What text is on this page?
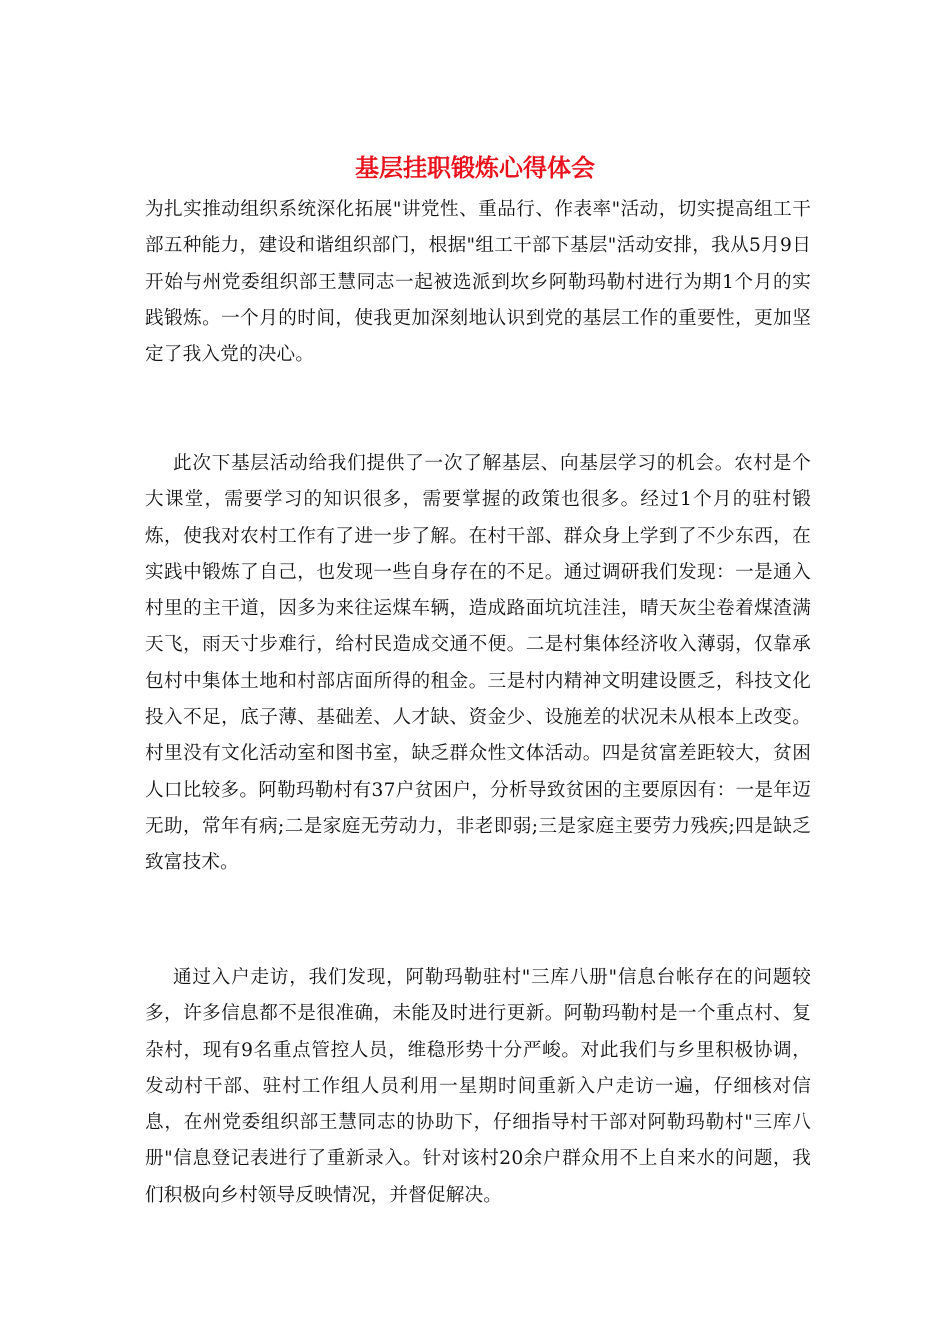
基层挂职锻炼心得体会

为扎实推动组织系统深化拓展"讲党性、重品行、作表率"活动，切实提高组工干部五种能力，建设和谐组织部门，根据"组工干部下基层"活动安排，我从5月9日开始与州党委组织部王慧同志一起被选派到坎乡阿勒玛勒村进行为期1个月的实践锻炼。一个月的时间，使我更加深刻地认识到党的基层工作的重要性，更加坚定了我入党的决心。

此次下基层活动给我们提供了一次了解基层、向基层学习的机会。农村是个大课堂，需要学习的知识很多，需要掌握的政策也很多。经过1个月的驻村锻炼，使我对农村工作有了进一步了解。在村干部、群众身上学到了不少东西，在实践中锻炼了自己，也发现一些自身存在的不足。通过调研我们发现：一是通入村里的主干道，因多为来往运煤车辆，造成路面坑坑洼洼，晴天灰尘卷着煤渣满天飞，雨天寸步难行，给村民造成交通不便。二是村集体经济收入薄弱，仅靠承包村中集体土地和村部店面所得的租金。三是村内精神文明建设匮乏，科技文化投入不足，底子薄、基础差、人才缺、资金少、设施差的状况未从根本上改变。村里没有文化活动室和图书室，缺乏群众性文体活动。四是贫富差距较大，贫困人口比较多。阿勒玛勒村有37户贫困户，分析导致贫困的主要原因有：一是年迈无助，常年有病;二是家庭无劳动力，非老即弱;三是家庭主要劳力残疾;四是缺乏致富技术。

通过入户走访，我们发现，阿勒玛勒驻村"三库八册"信息台帐存在的问题较多，许多信息都不是很准确，未能及时进行更新。阿勒玛勒村是一个重点村、复杂村，现有9名重点管控人员，维稳形势十分严峻。对此我们与乡里积极协调，发动村干部、驻村工作组人员利用一星期时间重新入户走访一遍，仔细核对信息，在州党委组织部王慧同志的协助下，仔细指导村干部对阿勒玛勒村"三库八册"信息登记表进行了重新录入。针对该村20余户群众用不上自来水的问题，我们积极向乡村领导反映情况，并督促解决。
